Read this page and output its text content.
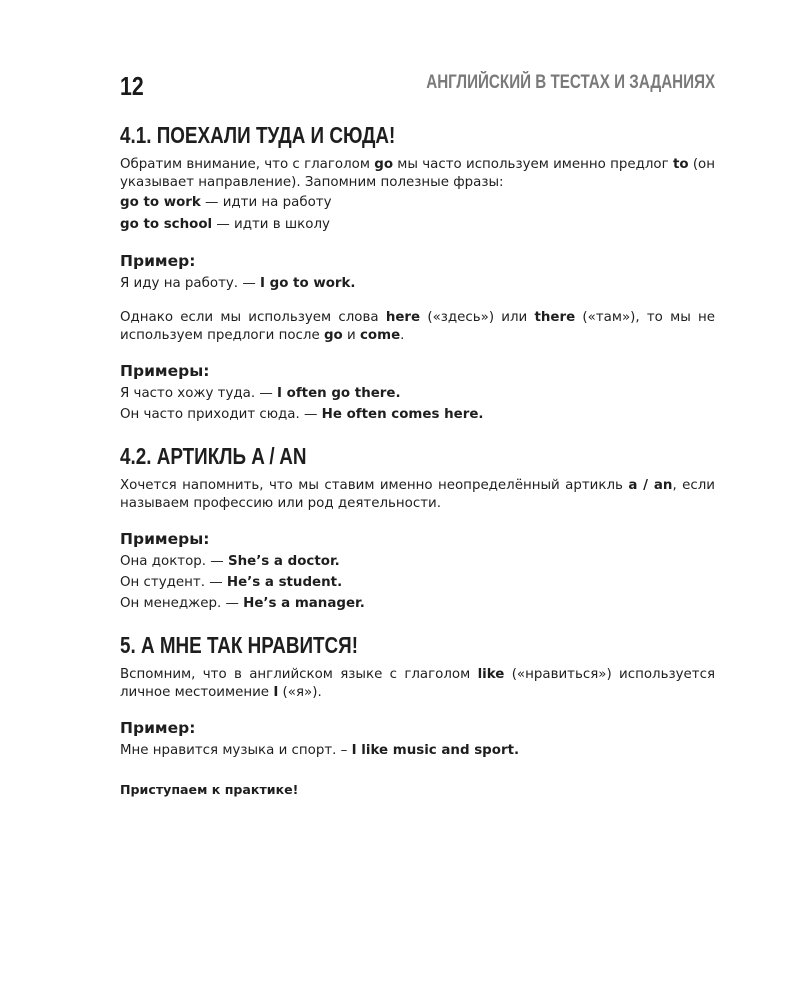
12	АНГЛИЙСКИЙ В ТЕСТАХ И ЗАДАНИЯХ
4.1. ПОЕХАЛИ ТУДА И СЮДА!

Обратим внимание, что с глаголом go мы часто используем именно предлог to (он указывает направление). Запомним полезные фразы:

go to work — идти на работу
go to school — идти в школу
Пример:
Я иду на работу. — I go to work.

Однако если мы используем слова here («здесь») или there («там»), то мы не используем предлоги после go и come.

Примеры:
Я часто хожу туда. — I often go there.
Он часто приходит сюда. — He often comes here.
4.2. АРТИКЛЬ A / AN

Хочется напомнить, что мы ставим именно неопределённый артикль a / an, если называем профессию или род деятельности.

Примеры:
Она доктор. — She’s a doctor.
Он студент. — He’s a student.
Он менеджер. — He’s a manager.
5. А МНЕ ТАК НРАВИТСЯ!

Вспомним, что в английском языке с глаголом like («нравиться») используется личное местоимение I («я»).

Пример:
Мне нравится музыка и спорт. – I like music and sport.
Приступаем к практике!
